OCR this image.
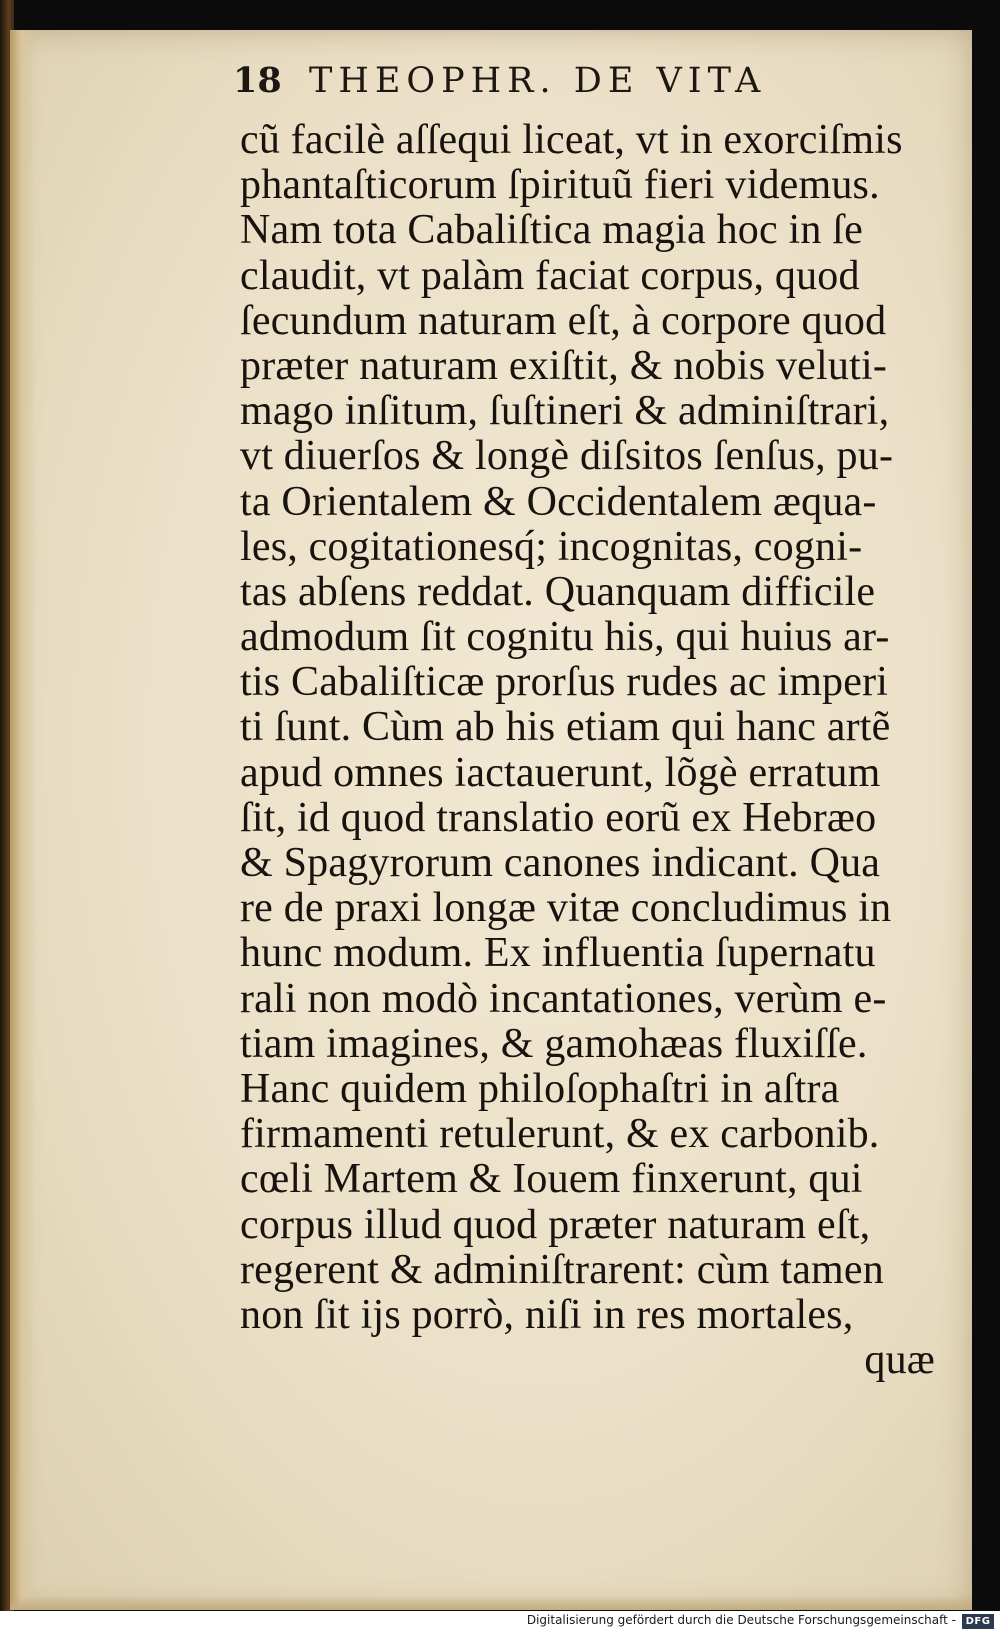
18 THEOPHR. DE VITA
cũ facilè aſſequi liceat, vt in exorciſmis
phantaſticorum ſpirituũ fieri videmus.
Nam tota Cabaliſtica magia hoc in ſe
claudit, vt palàm faciat corpus, quod
ſecundum naturam eſt, à corpore quod
præter naturam exiſtit, & nobis veluti-
mago inſitum, ſuſtineri & adminiſtrari,
vt diuerſos & longè diſsitos ſenſus, pu-
ta Orientalem & Occidentalem æqua-
les, cogitationesq́; incognitas, cogni-
tas abſens reddat. Quanquam difficile
admodum ſit cognitu his, qui huius ar-
tis Cabaliſticæ prorſus rudes ac imperi
ti ſunt. Cùm ab his etiam qui hanc artẽ
apud omnes iactauerunt, lõgè erratum
ſit, id quod translatio eorũ ex Hebræo
& Spagyrorum canones indicant. Qua
re de praxi longæ vitæ concludimus in
hunc modum. Ex influentia ſupernatu
rali non modò incantationes, verùm e-
tiam imagines, & gamohæas fluxiſſe.
Hanc quidem philoſophaſtri in aſtra
firmamenti retulerunt, & ex carbonib.
cœli Martem & Iouem finxerunt, qui
corpus illud quod præter naturam eſt,
regerent & adminiſtrarent: cùm tamen
non ſit ijs porrò, niſi in res mortales,
quæ
Digitalisierung gefördert durch die Deutsche Forschungsgemeinschaft - DFG
